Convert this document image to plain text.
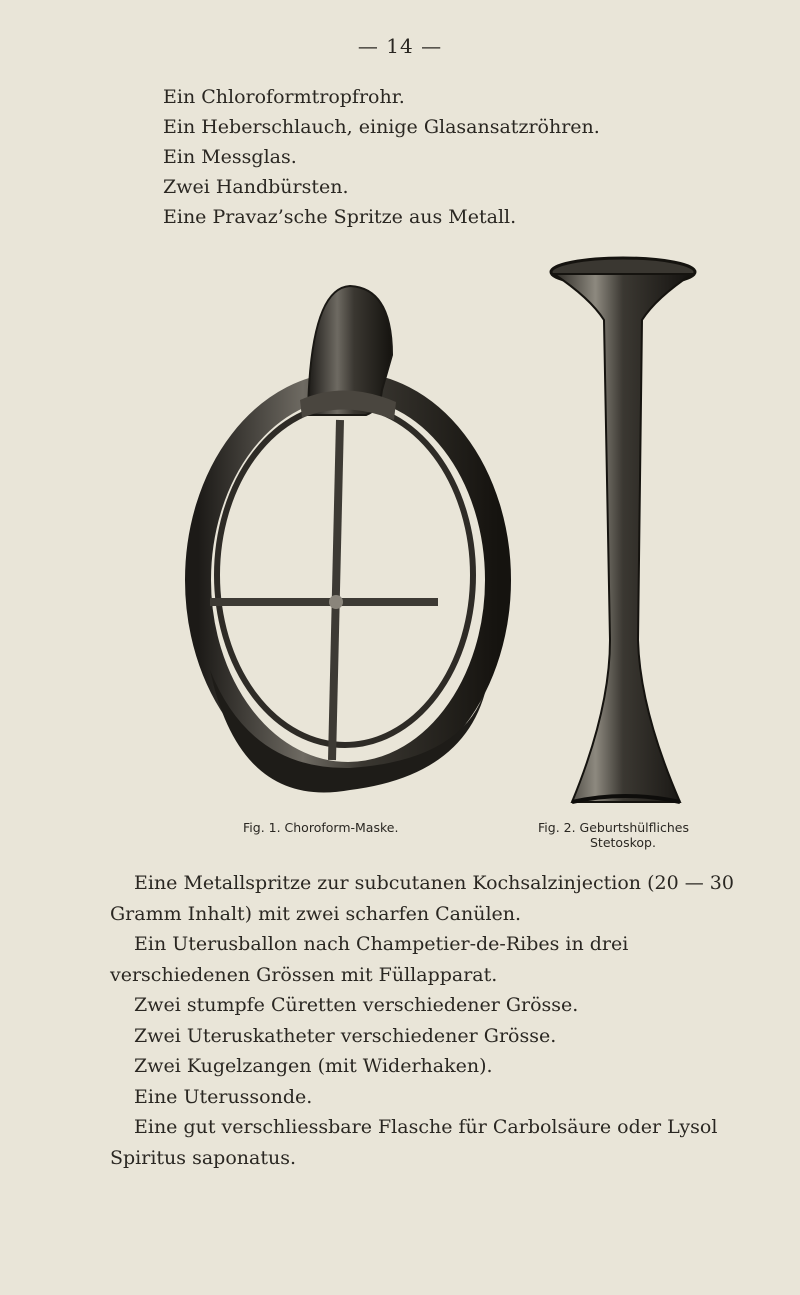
— 14 —
Ein Chloroformtropfrohr.
Ein Heberschlauch, einige Glasansatzröhren.
Ein Messglas.
Zwei Handbürsten.
Eine Pravaz’sche Spritze aus Metall.
Fig. 1. Choroform-Maske.	Fig. 2. Geburtshülfliches
Stetoskop.

Eine Metallspritze zur subcutanen Kochsalzinjection (20 — 30 Gramm Inhalt) mit zwei scharfen Canülen.

Ein Uterusballon nach Champetier-de-Ribes in drei verschiedenen Grössen mit Füllapparat.

Zwei stumpfe Cüretten verschiedener Grösse.

Zwei Uteruskatheter verschiedener Grösse.

Zwei Kugelzangen (mit Widerhaken).

Eine Uterussonde.

Eine gut verschliessbare Flasche für Carbolsäure oder Lysol Spiritus saponatus.
